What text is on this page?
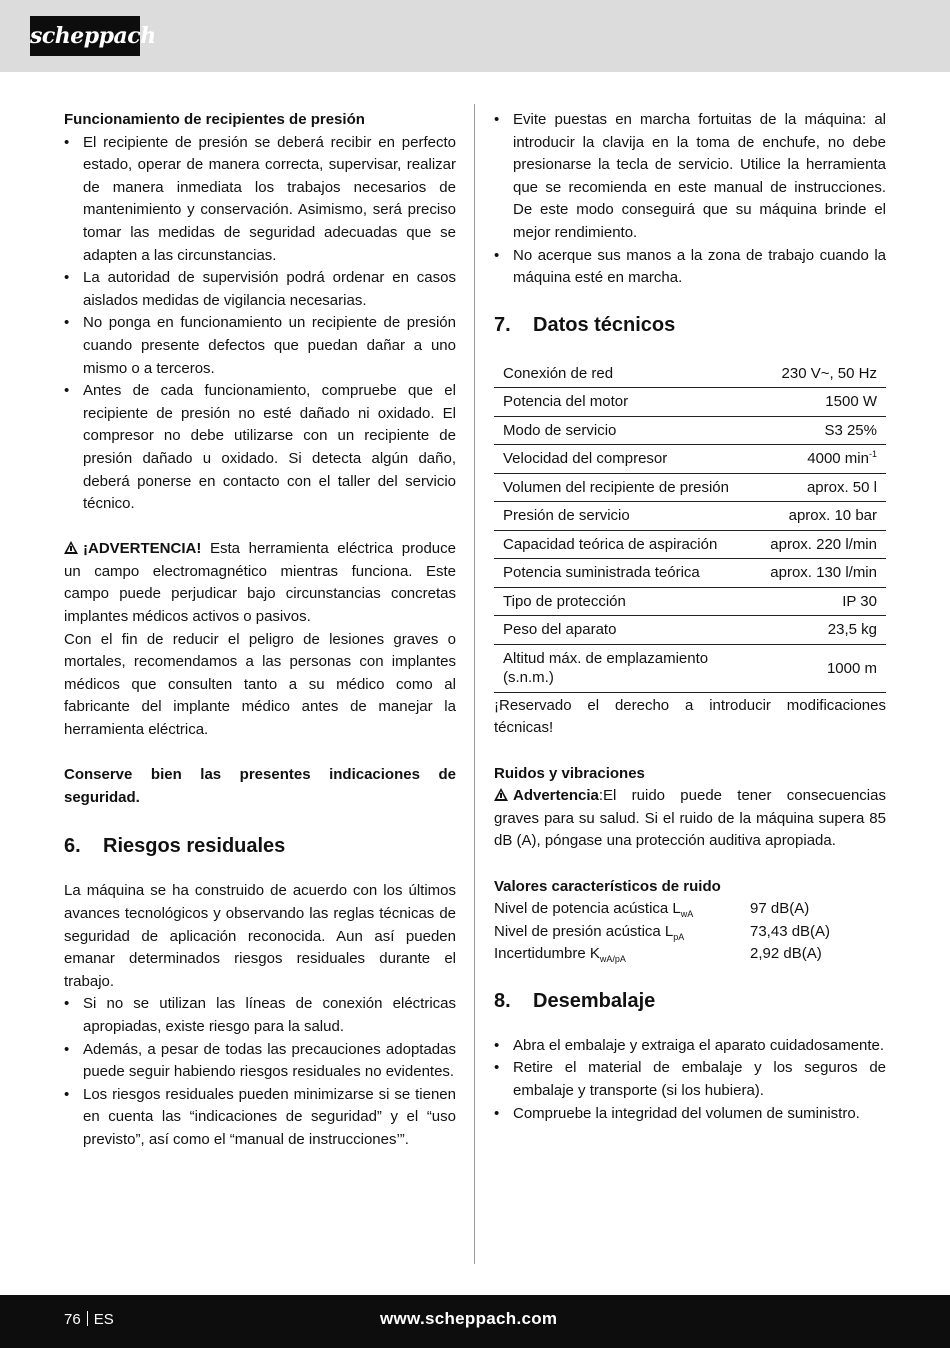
scheppach

Funcionamiento de recipientes de presión

• El recipiente de presión se deberá recibir en perfecto estado, operar de manera correcta, supervisar, realizar de manera inmediata los trabajos necesarios de mantenimiento y conservación. Asimismo, será preciso tomar las medidas de seguridad adecuadas que se adapten a las circunstancias.
• La autoridad de supervisión podrá ordenar en casos aislados medidas de vigilancia necesarias.
• No ponga en funcionamiento un recipiente de presión cuando presente defectos que puedan dañar a uno mismo o a terceros.
• Antes de cada funcionamiento, compruebe que el recipiente de presión no esté dañado ni oxidado. El compresor no debe utilizarse con un recipiente de presión dañado u oxidado. Si detecta algún daño, deberá ponerse en contacto con el taller del servicio técnico.

¡ADVERTENCIA! Esta herramienta eléctrica produce un campo electromagnético mientras funciona. Este campo puede perjudicar bajo circunstancias concretas implantes médicos activos o pasivos.

Con el fin de reducir el peligro de lesiones graves o mortales, recomendamos a las personas con implantes médicos que consulten tanto a su médico como al fabricante del implante médico antes de manejar la herramienta eléctrica.

Conserve bien las presentes indicaciones de seguridad.

6.	Riesgos residuales

La máquina se ha construido de acuerdo con los últimos avances tecnológicos y observando las reglas técnicas de seguridad de aplicación reconocida. Aun así pueden emanar determinados riesgos residuales durante el trabajo.

• Si no se utilizan las líneas de conexión eléctricas apropiadas, existe riesgo para la salud.
• Además, a pesar de todas las precauciones adoptadas puede seguir habiendo riesgos residuales no evidentes.
• Los riesgos residuales pueden minimizarse si se tienen en cuenta las “indicaciones de seguridad” y el “uso previsto”, así como el “manual de instrucciones’”.
• Evite puestas en marcha fortuitas de la máquina: al introducir la clavija en la toma de enchufe, no debe presionarse la tecla de servicio. Utilice la herramienta que se recomienda en este manual de instrucciones. De este modo conseguirá que su máquina brinde el mejor rendimiento.
• No acerque sus manos a la zona de trabajo cuando la máquina esté en marcha.
7.	Datos técnicos
Conexión de red	230 V~, 50 Hz
Potencia del motor	1500 W
Modo de servicio	S3 25%
Velocidad del compresor	4000 $\min^{-1}$
Volumen del recipiente de presión	aprox. 50 l
Presión de servicio	aprox. 10 bar
Capacidad teórica de aspiración	aprox. 220 l/min
Potencia suministrada teórica	aprox. 130 l/min
Tipo de protección	IP 30
Peso del aparato	23,5 kg
Altitud máx. de emplazamiento (s.n.m.)	1000 m

¡Reservado el derecho a introducir modificaciones técnicas!

Ruidos y vibraciones

Advertencia:El ruido puede tener consecuencias graves para su salud. Si el ruido de la máquina supera 85 dB (A), póngase una protección auditiva apropiada.

Valores característicos de ruido

Nivel de potencia acústica $L_{wA}$	97 dB(A)
Nivel de presión acústica $L_{pA}$	73,43 dB(A)
Incertidumbre $K_{wA/pA}$	2,92 dB(A)
8.	Desembalaje
• Abra el embalaje y extraiga el aparato cuidadosamente.
• Retire el material de embalaje y los seguros de embalaje y transporte (si los hubiera).
• Compruebe la integridad del volumen de suministro.
76 ES	www.scheppach.com
